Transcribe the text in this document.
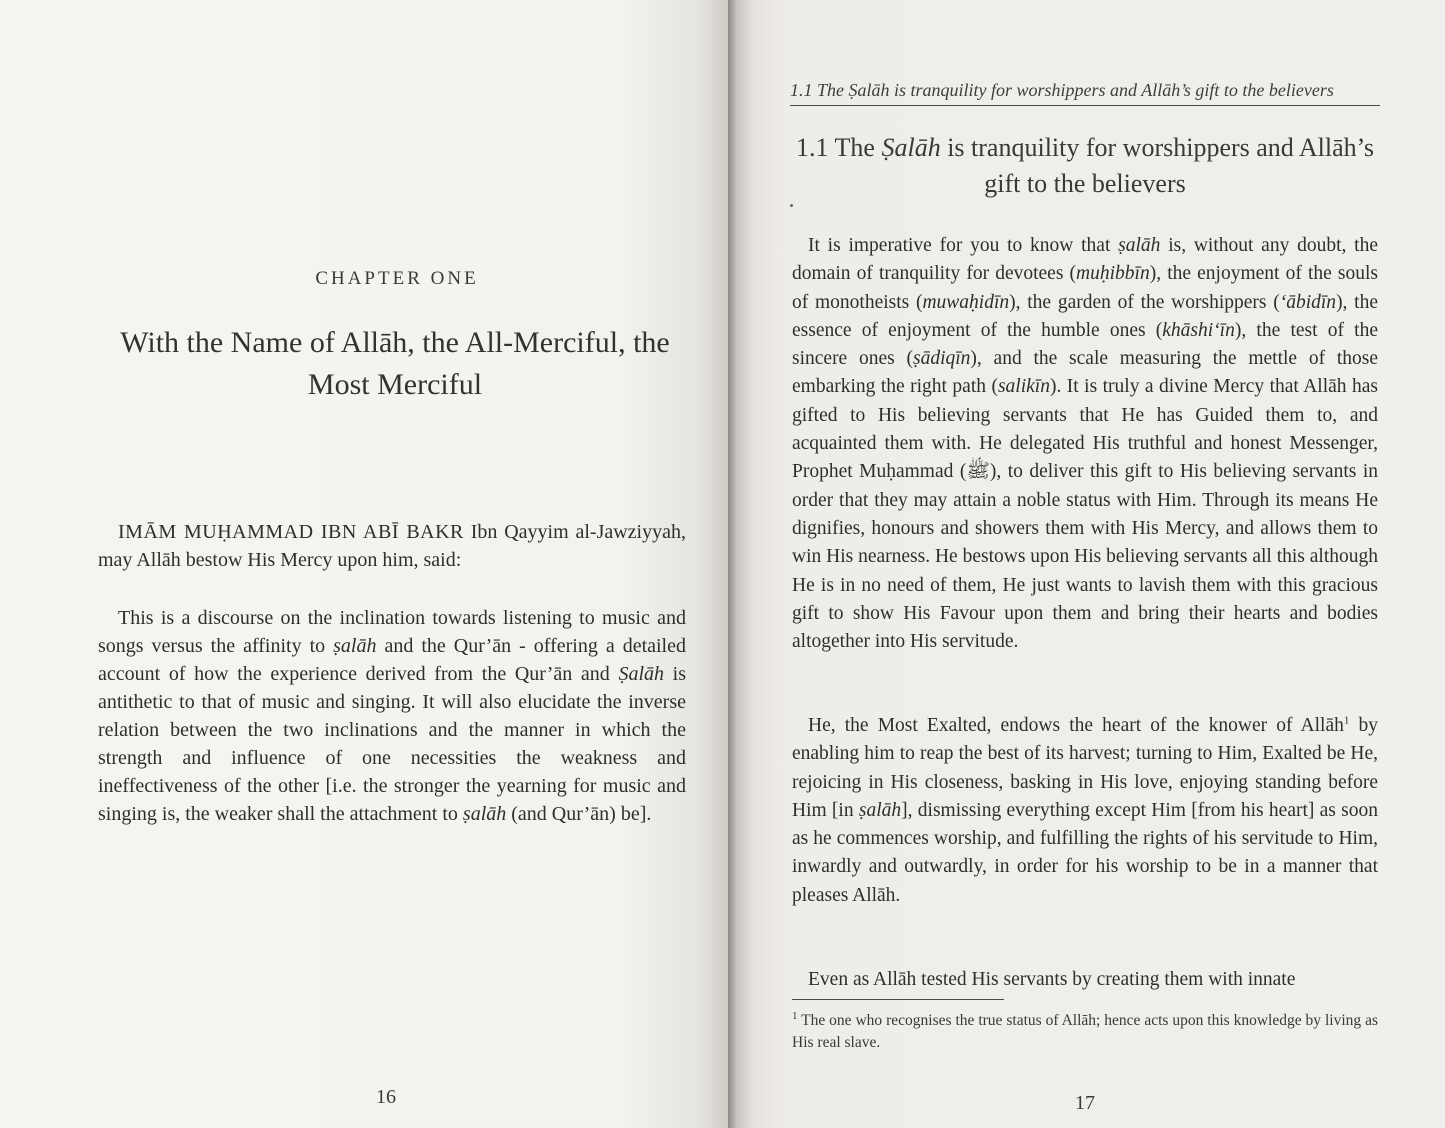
CHAPTER ONE
With the Name of Allāh, the All-Merciful, the Most Merciful

IMĀM MUḤAMMAD IBN ABĪ BAKR Ibn Qayyim al-Jawziyyah, may Allāh bestow His Mercy upon him, said:

This is a discourse on the inclination towards listening to music and songs versus the affinity to ṣalāh and the Qur’ān - offering a detailed account of how the experience derived from the Qur’ān and Ṣalāh is antithetic to that of music and singing. It will also elucidate the inverse relation between the two inclinations and the manner in which the strength and influence of one necessities the weakness and ineffectiveness of the other [i.e. the stronger the yearning for music and singing is, the weaker shall the attachment to ṣalāh (and Qur’ān) be].

16
1.1 The Ṣalāh is tranquility for worshippers and Allāh’s gift to the believers
1.1 The Ṣalāh is tranquility for worshippers and Allāh’s gift to the believers

It is imperative for you to know that ṣalāh is, without any doubt, the domain of tranquility for devotees (muḥibbīn), the enjoyment of the souls of monotheists (muwaḥidīn), the garden of the worshippers (‘ābidīn), the essence of enjoyment of the humble ones (khāshi‘īn), the test of the sincere ones (ṣādiqīn), and the scale measuring the mettle of those embarking the right path (salikīn). It is truly a divine Mercy that Allāh has gifted to His believing servants that He has Guided them to, and acquainted them with. He delegated His truthful and honest Messenger, Prophet Muḥammad (ﷺ), to deliver this gift to His believing servants in order that they may attain a noble status with Him. Through its means He dignifies, honours and showers them with His Mercy, and allows them to win His nearness. He bestows upon His believing servants all this although He is in no need of them, He just wants to lavish them with this gracious gift to show His Favour upon them and bring their hearts and bodies altogether into His servitude.

He, the Most Exalted, endows the heart of the knower of Allāh$^1$ by enabling him to reap the best of its harvest; turning to Him, Exalted be He, rejoicing in His closeness, basking in His love, enjoying standing before Him [in ṣalāh], dismissing everything except Him [from his heart] as soon as he commences worship, and fulfilling the rights of his servitude to Him, inwardly and outwardly, in order for his worship to be in a manner that pleases Allāh.

Even as Allāh tested His servants by creating them with innate

$^1$ The one who recognises the true status of Allāh; hence acts upon this knowledge by living as His real slave.

17
